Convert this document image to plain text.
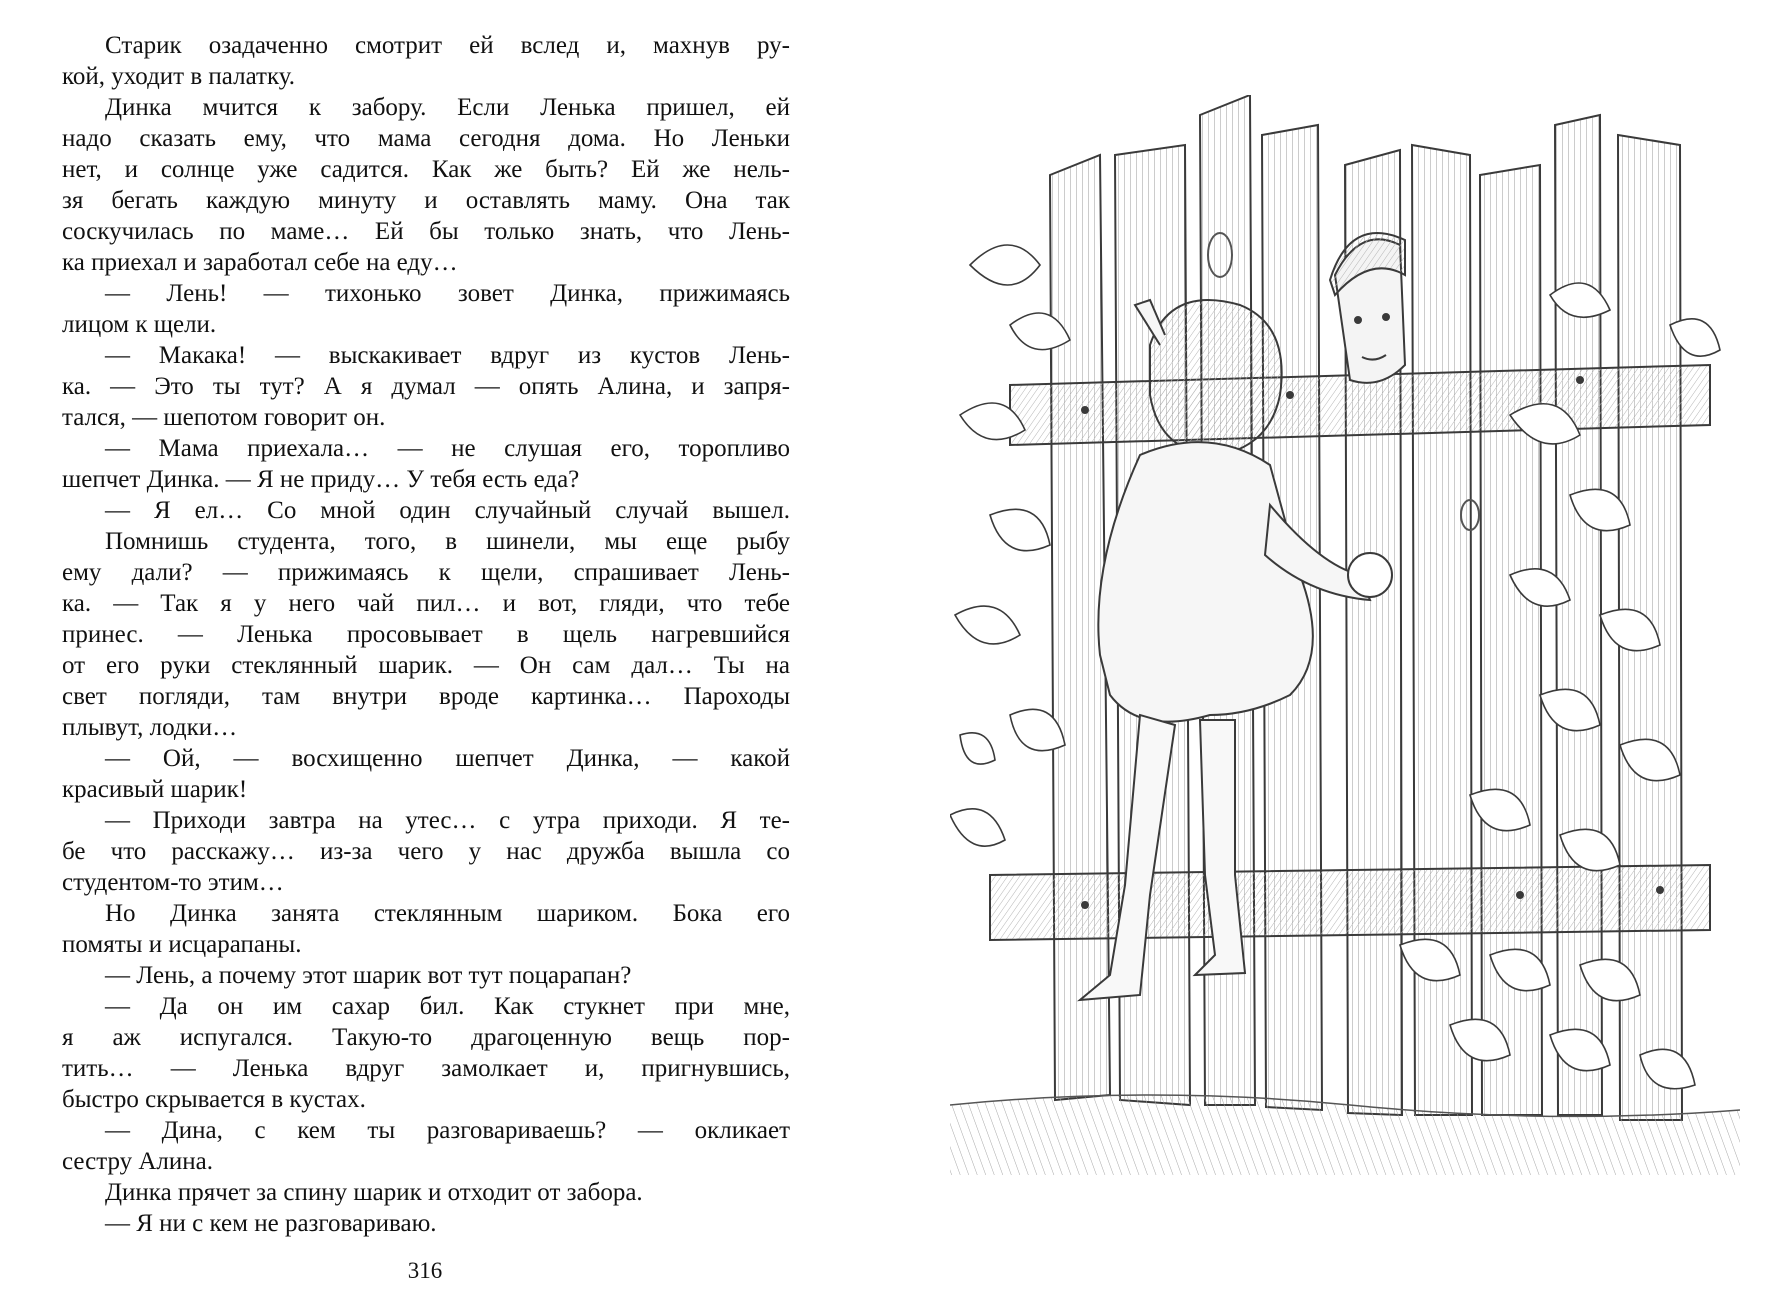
Старик озадаченно смотрит ей вслед и, махнув ру-
кой, уходит в палатку.
Динка мчится к забору. Если Ленька пришел, ей
надо сказать ему, что мама сегодня дома. Но Леньки
нет, и солнце уже садится. Как же быть? Ей же нель-
зя бегать каждую минуту и оставлять маму. Она так
соскучилась по маме… Ей бы только знать, что Лень-
ка приехал и заработал себе на еду…
— Лень! — тихонько зовет Динка, прижимаясь
лицом к щели.
— Макака! — выскакивает вдруг из кустов Лень-
ка. — Это ты тут? А я думал — опять Алина, и запря-
тался, — шепотом говорит он.
— Мама приехала… — не слушая его, торопливо
шепчет Динка. — Я не приду… У тебя есть еда?
— Я ел… Со мной один случайный случай вышел.
Помнишь студента, того, в шинели, мы еще рыбу
ему дали? — прижимаясь к щели, спрашивает Лень-
ка. — Так я у него чай пил… и вот, гляди, что тебе
принес. — Ленька просовывает в щель нагревшийся
от его руки стеклянный шарик. — Он сам дал… Ты на
свет погляди, там внутри вроде картинка… Пароходы
плывут, лодки…
— Ой, — восхищенно шепчет Динка, — какой
красивый шарик!
— Приходи завтра на утес… с утра приходи. Я те-
бе что расскажу… из-за чего у нас дружба вышла со
студентом-то этим…
Но Динка занята стеклянным шариком. Бока его
помяты и исцарапаны.
— Лень, а почему этот шарик вот тут поцарапан?
— Да он им сахар бил. Как стукнет при мне,
я аж испугался. Такую-то драгоценную вещь пор-
тить… — Ленька вдруг замолкает и, пригнувшись,
быстро скрывается в кустах.
— Дина, с кем ты разговариваешь? — окликает
сестру Алина.
Динка прячет за спину шарик и отходит от забора.
— Я ни с кем не разговариваю.
316
